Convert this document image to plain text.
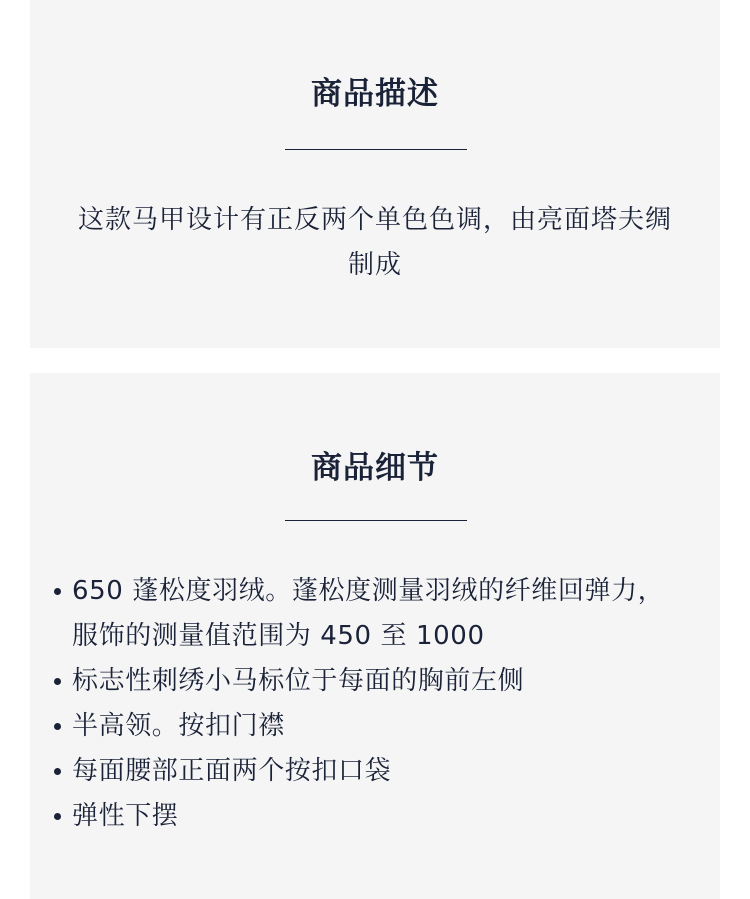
商品描述

这款马甲设计有正反两个单色色调，由亮面塔夫绸制成

商品细节
650 蓬松度羽绒。蓬松度测量羽绒的纤维回弹力，服饰的测量值范围为 450 至 1000
标志性刺绣小马标位于每面的胸前左侧
半高领。按扣门襟
每面腰部正面两个按扣口袋
弹性下摆
